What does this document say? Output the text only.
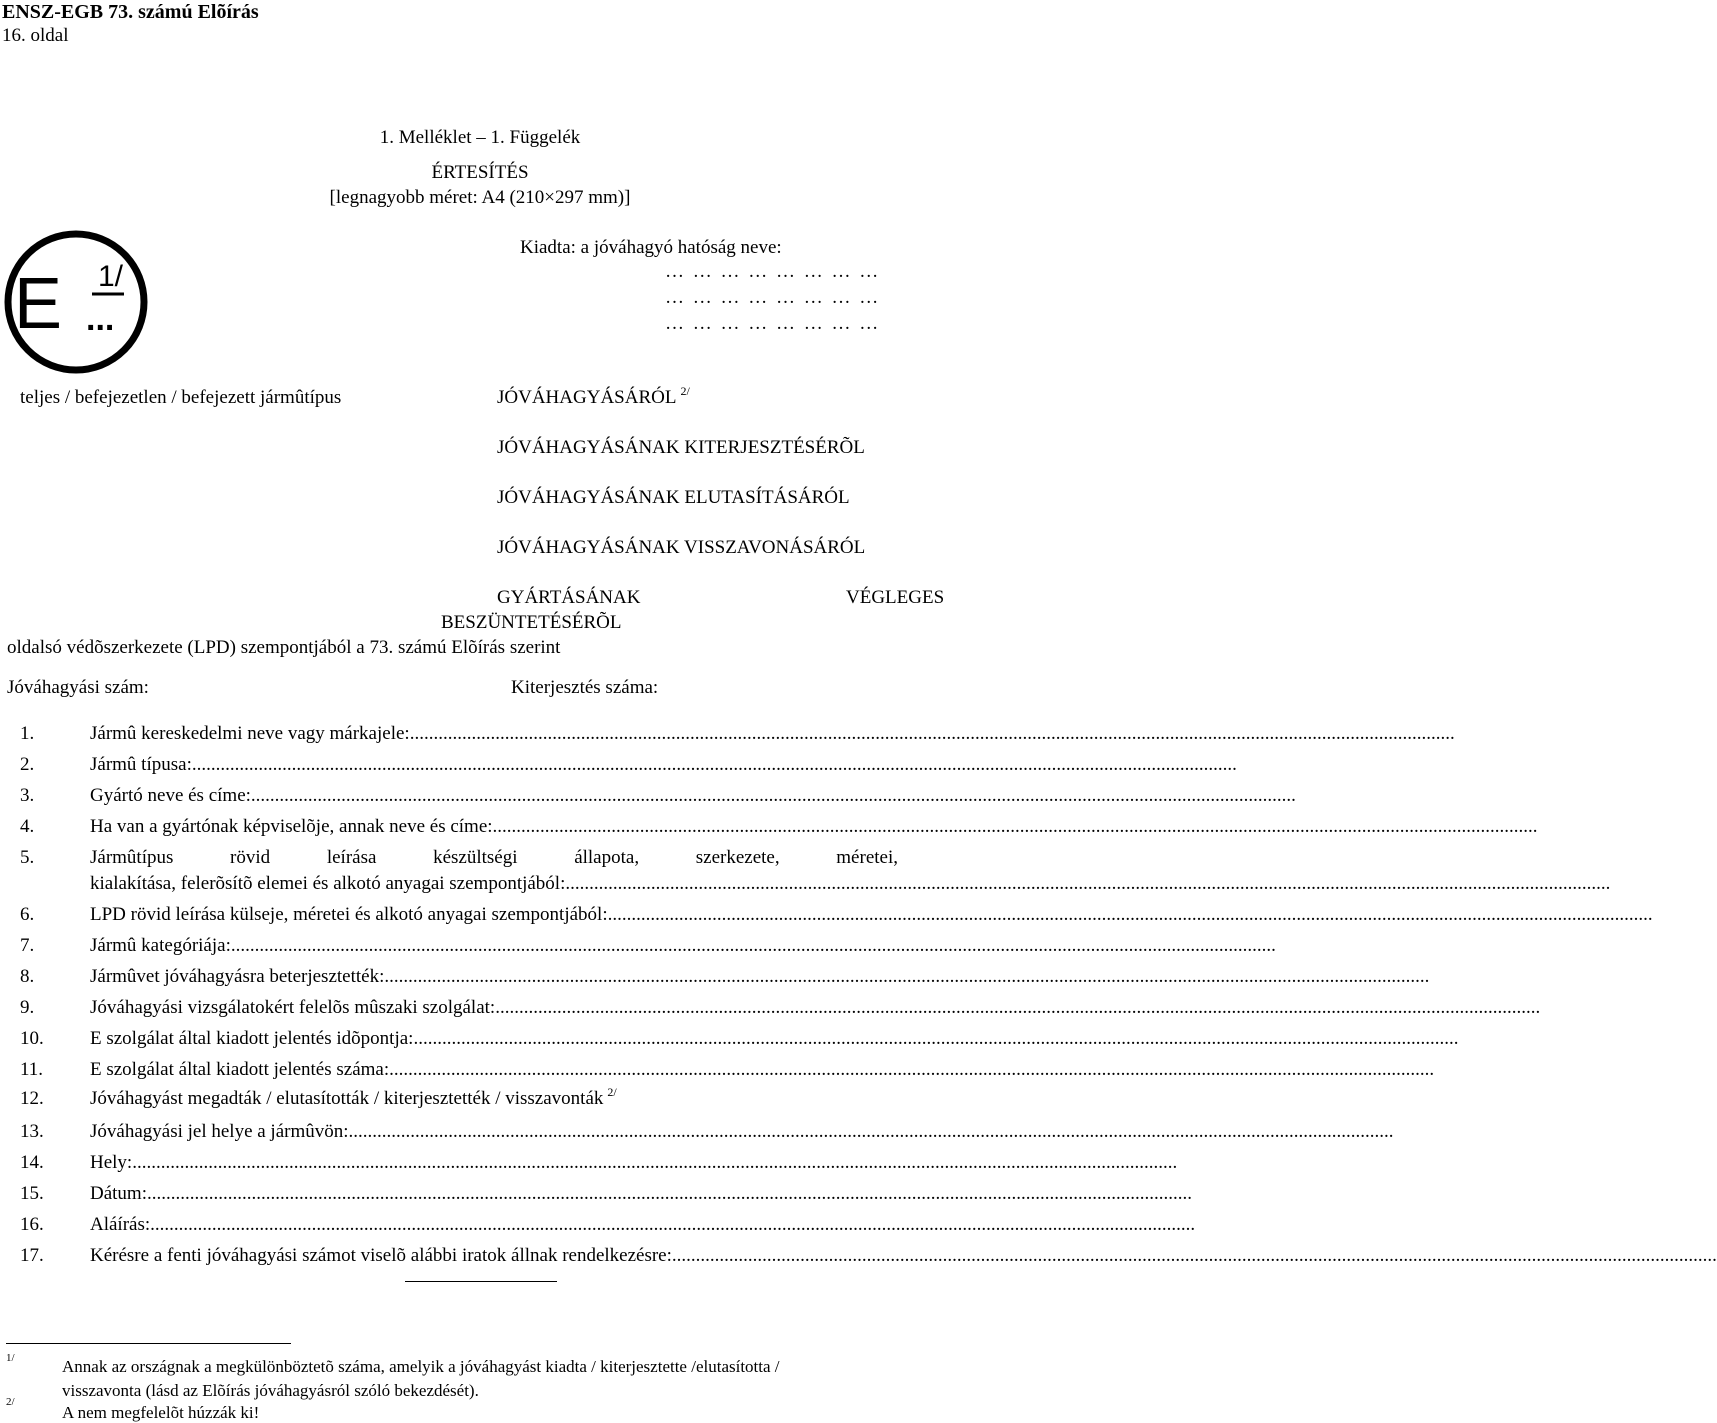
ENSZ-EGB 73. számú Elõírás
16. oldal
1. Melléklet – 1. Függelék
ÉRTESÍTÉS
[legnagyobb méret: A4 (210×297 mm)]
E 1/
...
Kiadta: a jóváhagyó hatóság neve:
… … … … … … … …
… … … … … … … …
… … … … … … … …
teljes / befejezetlen / befejezett jármûtípus	JÓVÁHAGYÁSÁRÓL $^{2/}$
JÓVÁHAGYÁSÁNAK KITERJESZTÉSÉRÕL
JÓVÁHAGYÁSÁNAK ELUTASÍTÁSÁRÓL
JÓVÁHAGYÁSÁNAK VISSZAVONÁSÁRÓL
GYÁRTÁSÁNAK	VÉGLEGES
BESZÜNTETÉSÉRÕL
oldalsó védõszerkezete (LPD) szempontjából a 73. számú Elõírás szerint
Jóváhagyási szám:	Kiterjesztés száma:
1.	Jármû kereskedelmi neve vagy márkajele:............................................................................................................................................................................................................................
2.	Jármû típusa:............................................................................................................................................................................................................................
3.	Gyártó neve és címe:............................................................................................................................................................................................................................
4.	Ha van a gyártónak képviselõje, annak neve és címe:............................................................................................................................................................................................................................
5.	Jármûtípus rövid leírása készültségi állapota, szerkezete, méretei,
kialakítása, felerõsítõ elemei és alkotó anyagai szempontjából:............................................................................................................................................................................................................................
6.	LPD rövid leírása külseje, méretei és alkotó anyagai szempontjából:............................................................................................................................................................................................................................
7.	Jármû kategóriája:............................................................................................................................................................................................................................
8.	Jármûvet jóváhagyásra beterjesztették:............................................................................................................................................................................................................................
9.	Jóváhagyási vizsgálatokért felelõs mûszaki szolgálat:............................................................................................................................................................................................................................
10. E szolgálat által kiadott jelentés idõpontja:............................................................................................................................................................................................................................
11. E szolgálat által kiadott jelentés száma:............................................................................................................................................................................................................................
12. Jóváhagyást megadták / elutasították / kiterjesztették / visszavonták $^{2/}$
13. Jóváhagyási jel helye a jármûvön:............................................................................................................................................................................................................................
14. Hely:............................................................................................................................................................................................................................
15. Dátum:............................................................................................................................................................................................................................
16. Aláírás:............................................................................................................................................................................................................................
17. Kérésre a fenti jóváhagyási számot viselõ alábbi iratok állnak rendelkezésre:............................................................................................................................................................................................................................
1/	Annak az országnak a megkülönböztetõ száma, amelyik a jóváhagyást kiadta / kiterjesztette /elutasította /
visszavonta (lásd az Elõírás jóváhagyásról szóló bekezdését).
2/
A nem megfelelõt húzzák ki!
